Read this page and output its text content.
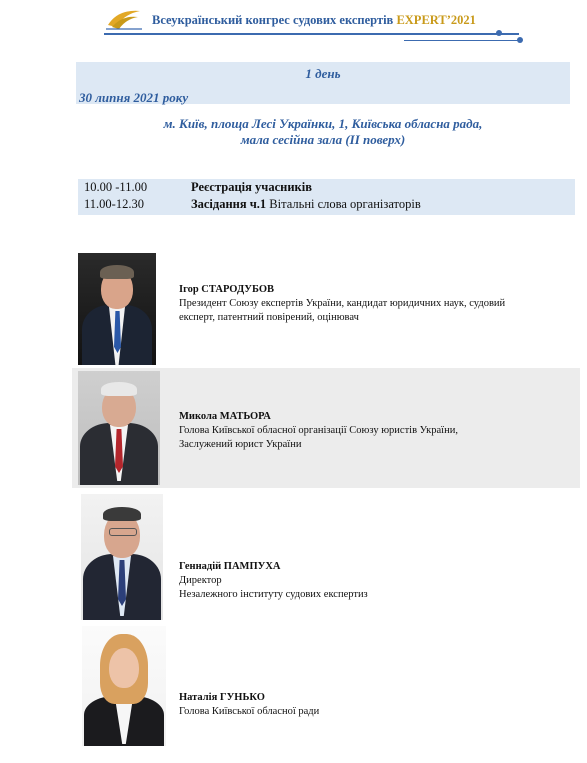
Всеукраїнський конгрес судових експертів EXPERT’2021
1 день
30 липня 2021 року
м. Київ, площа Лесі Українки, 1, Київська обласна рада,
мала сесійна зала (ІІ поверх)
10.00 -11.00	Реєстрація учасників
11.00-12.30	Засідання ч.1 Вітальні слова організаторів
Ігор СТАРОДУБОВ
Президент Союзу експертів України, кандидат юридичних наук, судовий
експерт, патентний повірений, оцінювач
Микола МАТЬОРА
Голова Київської обласної організації Союзу юристів України,
Заслужений юрист України
Геннадій ПАМПУХА
Директор
Незалежного інституту судових експертиз
Наталія ГУНЬКО
Голова Київської обласної ради
